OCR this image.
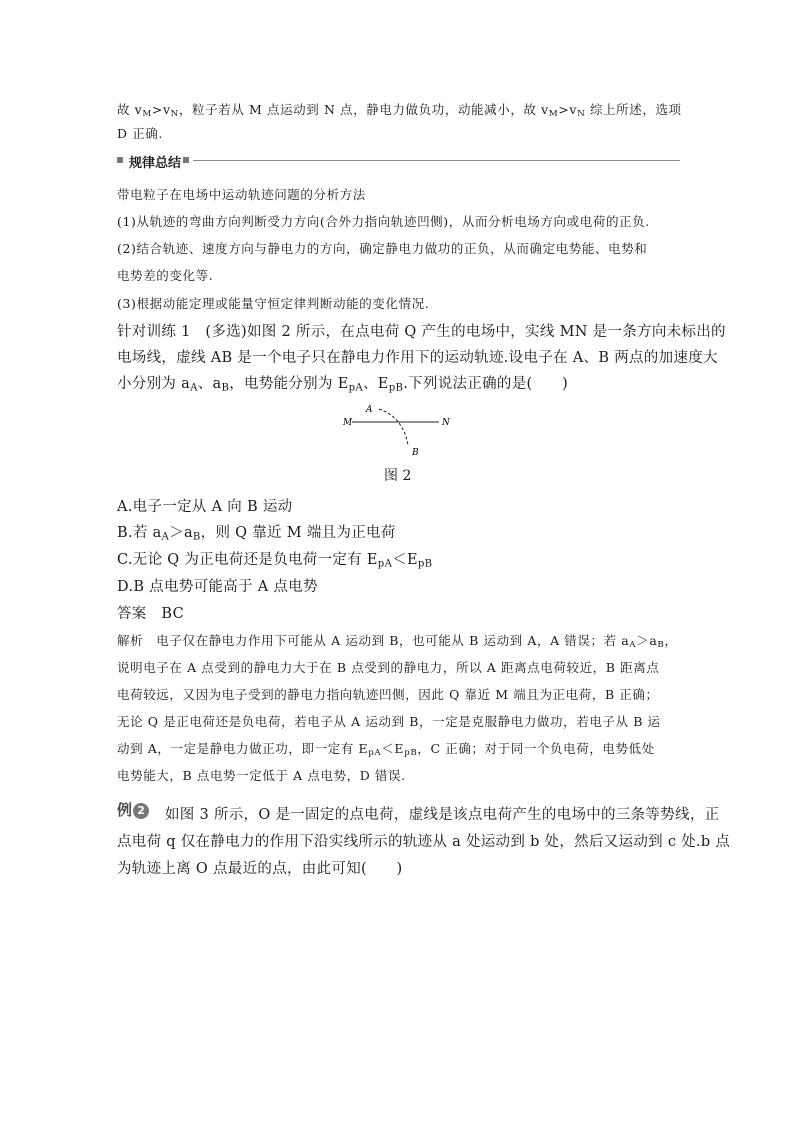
故 $v_M>v_N$，粒子若从 M 点运动到 N 点，静电力做负功，动能减小，故 $v_M>v_N$ 综上所述，选项
D 正确.
规律总结
带电粒子在电场中运动轨迹问题的分析方法
(1)从轨迹的弯曲方向判断受力方向(合外力指向轨迹凹侧)，从而分析电场方向或电荷的正负.
(2)结合轨迹、速度方向与静电力的方向，确定静电力做功的正负，从而确定电势能、电势和
电势差的变化等.
(3)根据动能定理或能量守恒定律判断动能的变化情况.
针对训练 1　(多选)如图 2 所示，在点电荷 Q 产生的电场中，实线 MN 是一条方向未标出的
电场线，虚线 AB 是一个电子只在静电力作用下的运动轨迹.设电子在 A、B 两点的加速度大
小分别为 $a_A$、$a_B$，电势能分别为 $E_{pA}$、$E_{pB}$.下列说法正确的是(　　)
A
M	N
B
图 2
A.电子一定从 A 向 B 运动
B.若 $a_A>a_B$，则 Q 靠近 M 端且为正电荷
C.无论 Q 为正电荷还是负电荷一定有 $E_{pA}<E_{pB}$
D.B 点电势可能高于 A 点电势
答案　BC
解析　电子仅在静电力作用下可能从 A 运动到 B，也可能从 B 运动到 A，A 错误；若 $a_A>a_B$，
说明电子在 A 点受到的静电力大于在 B 点受到的静电力，所以 A 距离点电荷较近，B 距离点
电荷较远，又因为电子受到的静电力指向轨迹凹侧，因此 Q 靠近 M 端且为正电荷，B 正确；
无论 Q 是正电荷还是负电荷，若电子从 A 运动到 B，一定是克服静电力做功，若电子从 B 运
动到 A，一定是静电力做正功，即一定有 $E_{pA}<E_{pB}$，C 正确；对于同一个负电荷，电势低处
电势能大，B 点电势一定低于 A 点电势，D 错误.
例 2 如图 3 所示，O 是一固定的点电荷，虚线是该点电荷产生的电场中的三条等势线，正
点电荷 q 仅在静电力的作用下沿实线所示的轨迹从 a 处运动到 b 处，然后又运动到 c 处.b 点
为轨迹上离 O 点最近的点，由此可知(　　)
